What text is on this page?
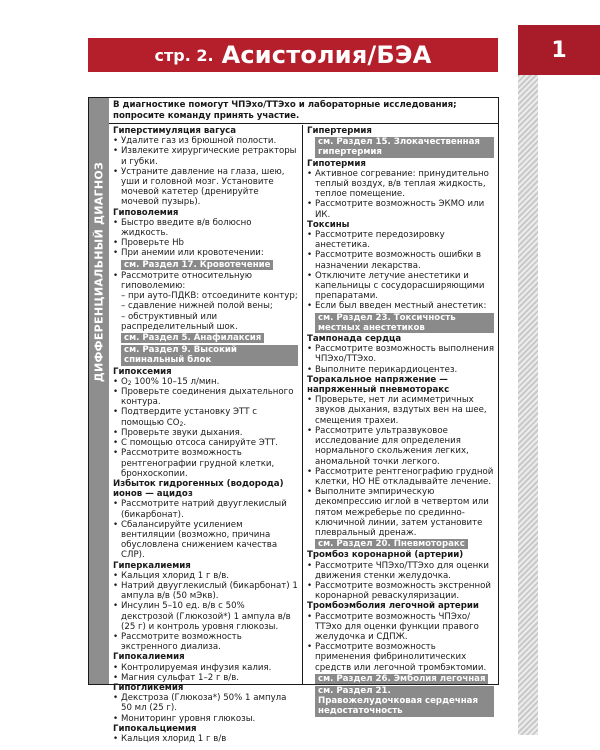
стр. 2. Асистолия/БЭА	1
ДИФФЕРЕНЦИАЛЬНЫЙ ДИАГНОЗ
В диагностике помогут ЧПЭхо/ТТЭхо и лабораторные исследования; попросите команду принять участие.
Гиперстимуляция вагуса
• Удалите газ из брюшной полости.
• Извлеките хирургические ретракторы и губки.
• Устраните давление на глаза, шею, уши и головной мозг. Установите мочевой катетер (дренируйте мочевой пузырь).
Гиповолемия
• Быстро введите в/в болюсно жидкость.
• Проверьте Hb
• При анемии или кровотечении:
см. Раздел 17. Кровотечение
• Рассмотрите относительную гиповолемию:
– при ауто-ПДКВ: отсоедините контур;
– сдавление нижней полой вены;
– обструктивный или распределительный шок.
см. Раздел 5. Анафилаксия
см. Раздел 9. Высокий спинальный блок
Гипоксемия
• $O_2$ 100% 10–15 л/мин.
• Проверьте соединения дыхательного контура.
• Подтвердите установку ЭТТ с помощью $CO_2$.
• Проверьте звуки дыхания.
• С помощью отсоса санируйте ЭТТ.
• Рассмотрите возможность рентгенографии грудной клетки, бронхоскопии.
Избыток гидрогенных (водорода) ионов — ацидоз
• Рассмотрите натрий двууглекислый (бикарбонат).
• Сбалансируйте усилением вентиляции (возможно, причина обусловлена снижением качества СЛР).
Гиперкалиемия
• Кальция хлорид 1 г в/в.
• Натрий двууглекислый (бикарбонат) 1 ампула в/в (50 мЭкв).
• Инсулин 5–10 ед. в/в с 50% декстрозой (Глюкозой*) 1 ампула в/в (25 г) и контроль уровня глюкозы.
• Рассмотрите возможность экстренного диализа.
Гипокалиемия
• Контролируемая инфузия калия.
• Магния сульфат 1–2 г в/в.
Гипогликемия
• Декстроза (Глюкоза*) 50% 1 ампула 50 мл (25 г).
• Мониторинг уровня глюкозы.
Гипокальциемия
• Кальция хлорид 1 г в/в
Гипертермия
см. Раздел 15. Злокачественная гипертермия
Гипотермия
• Активное согревание: принудительно теплый воздух, в/в теплая жидкость, теплое помещение.
• Рассмотрите возможность ЭКМО или ИК.
Токсины
• Рассмотрите передозировку анестетика.
• Рассмотрите возможность ошибки в назначении лекарства.
• Отключите летучие анестетики и капельницы с сосудорасширяющими препаратами.
• Если был введен местный анестетик:
см. Раздел 23. Токсичность местных анестетиков
Тампонада сердца
• Рассмотрите возможность выполнения ЧПЭхо/ТТЭхо.
• Выполните перикардиоцентез.
Торакальное напряжение — напряженный пневмоторакс
• Проверьте, нет ли асимметричных звуков дыхания, вздутых вен на шее, смещения трахеи.
• Рассмотрите ультразвуковое исследование для определения нормального скольжения легких, аномальной точки легкого.
• Рассмотрите рентгенографию грудной клетки, НО НЕ откладывайте лечение.
• Выполните эмпирическую декомпрессию иглой в четвертом или пятом межреберье по срединно-ключичной линии, затем установите плевральный дренаж.
см. Раздел 20. Пневмоторакс
Тромбоз коронарной (артерии)
• Рассмотрите ЧПЭхо/ТТЭхо для оценки движения стенки желудочка.
• Рассмотрите возможность экстренной коронарной реваскуляризации.
Тромбоэмболия легочной артерии
• Рассмотрите возможность ЧПЭхо/ТТЭхо для оценки функции правого желудочка и СДПЖ.
• Рассмотрите возможность применения фибринолитических средств или легочной тромбэктомии.
см. Раздел 26. Эмболия легочная
см. Раздел 21. Правожелудочковая сердечная недостаточность
